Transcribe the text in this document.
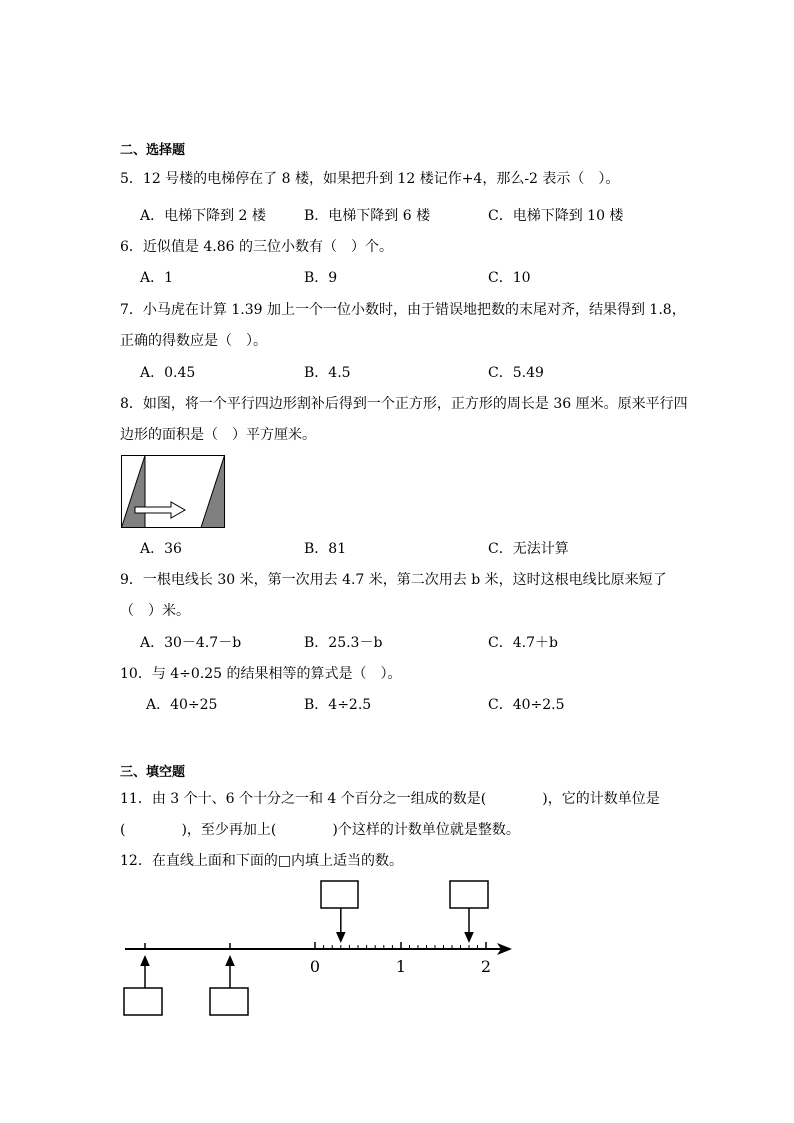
二、选择题
5．12 号楼的电梯停在了 8 楼，如果把升到 12 楼记作+4，那么-2 表示（　）。
A．电梯下降到 2 楼	B．电梯下降到 6 楼	C．电梯下降到 10 楼
6．近似值是 4.86 的三位小数有（　）个。
A．1	B．9	C．10
7．小马虎在计算 1.39 加上一个一位小数时，由于错误地把数的末尾对齐，结果得到 1.8，
正确的得数应是（　）。
A．0.45	B．4.5	C．5.49
8．如图，将一个平行四边形割补后得到一个正方形，正方形的周长是 36 厘米。原来平行四
边形的面积是（　）平方厘米。
A．36	B．81	C．无法计算
9．一根电线长 30 米，第一次用去 4.7 米，第二次用去 b 米，这时这根电线比原来短了
（　）米。
A．30－4.7－b	B．25.3－b	C．4.7＋b
10．与 4÷0.25 的结果相等的算式是（　）。
A．40÷25	B．4÷2.5	C．40÷2.5
三、填空题
11．由 3 个十、6 个十分之一和 4 个百分之一组成的数是(　　　　)，它的计数单位是
(　　　　)，至少再加上(　　　　)个这样的计数单位就是整数。
12．在直线上面和下面的□内填上适当的数。
0	1	2
